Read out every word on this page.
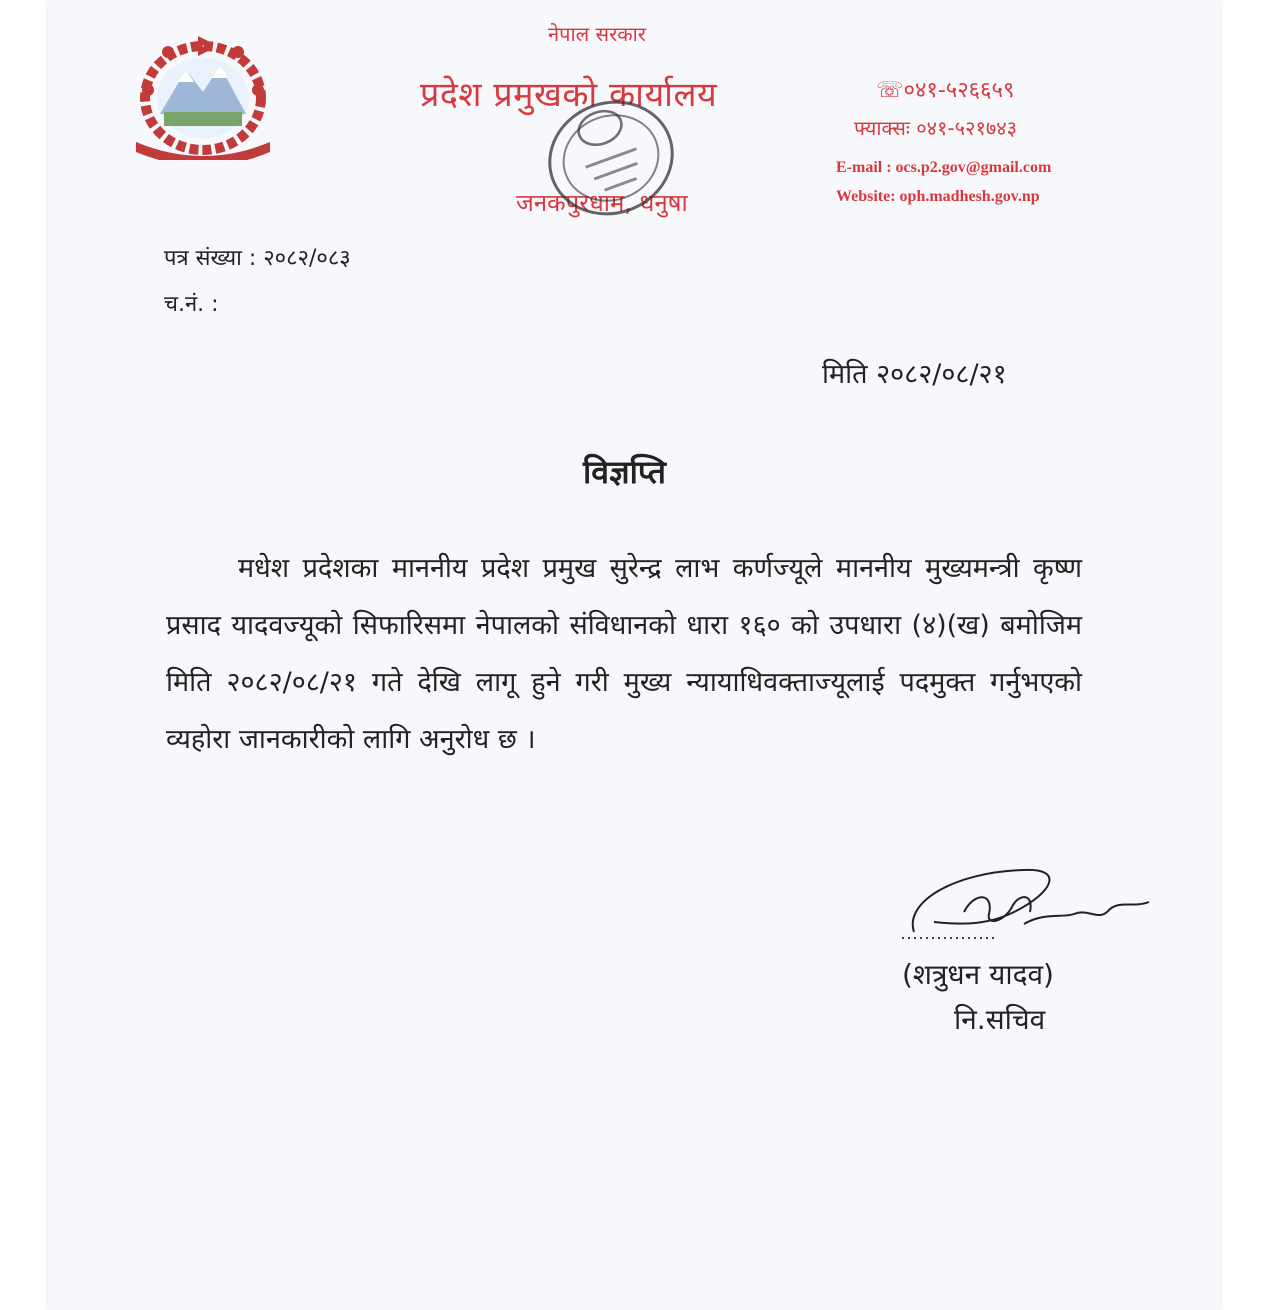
नेपाल सरकार
प्रदेश प्रमुखको कार्यालय
जनकपुरधाम, धनुषा
☏०४१-५२६६५९
फ्याक्सः ०४१-५२१७४३
E-mail : ocs.p2.gov@gmail.com
Website: oph.madhesh.gov.np
पत्र संख्या : २०८२/०८३
च.नं. :
मिति २०८२/०८/२१
विज्ञप्ति
मधेश प्रदेशका माननीय प्रदेश प्रमुख सुरेन्द्र लाभ कर्णज्यूले माननीय मुख्यमन्त्री कृष्ण प्रसाद यादवज्यूको सिफारिसमा नेपालको संविधानको धारा १६० को उपधारा (४)(ख) बमोजिम मिति २०८२/०८/२१ गते देखि लागू हुने गरी मुख्य न्यायाधिवक्ताज्यूलाई पदमुक्त गर्नुभएको व्यहोरा जानकारीको लागि अनुरोध छ ।
(शत्रुधन यादव)
नि.सचिव
